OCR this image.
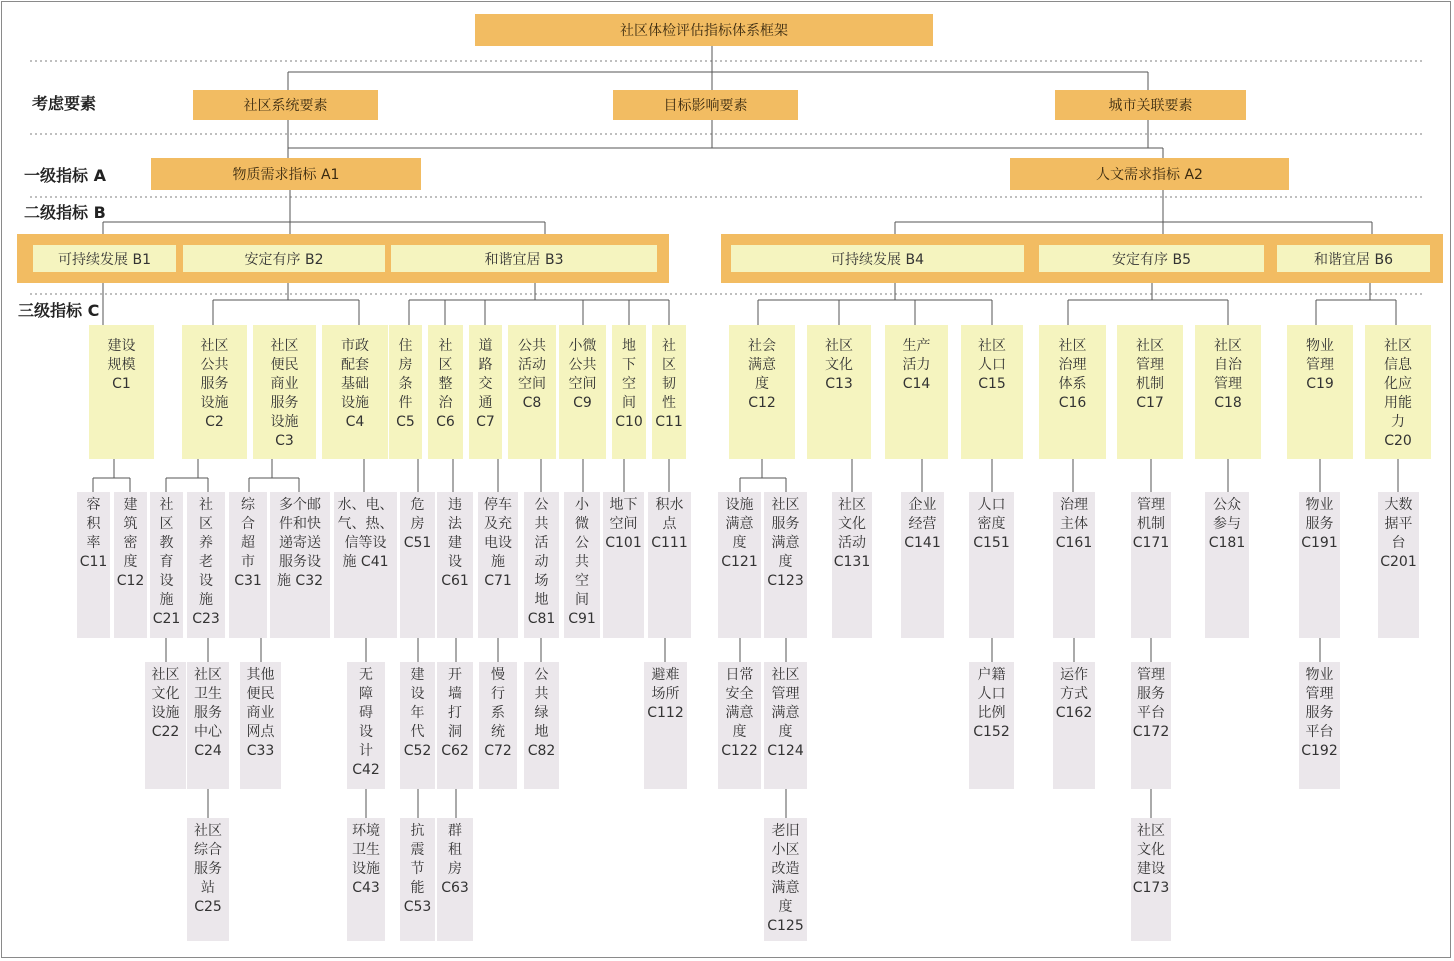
社区体检评估指标体系框架
考虑要素
一级指标 A
二级指标 B
三级指标 C
社区系统要素	目标影响要素	城市关联要素
物质需求指标 A1	人文需求指标 A2
可持续发展 B1	安定有序 B2	和谐宜居 B3	可持续发展 B4	安定有序 B5	和谐宜居 B6
建设
规模
C1
社区
公共
服务
设施
C2
社区
便民
商业
服务
设施
C3
市政
配套
基础
设施
C4
住
房
条
件
C5
社
区
整
治
C6
道
路
交
通
C7
公共
活动
空间
C8
小微
公共
空间
C9
地
下
空
间
C10
社
区
韧
性
C11
社会
满意
度
C12
社区
文化
C13
生产
活力
C14
社区
人口
C15
社区
治理
体系
C16
社区
管理
机制
C17
社区
自治
管理
C18
物业
管理
C19
社区
信息
化应
用能
力
C20
容
积
率
C11
建
筑
密
度
C12
社
区
教
育
设
施
C21
社
区
养
老
设
施
C23
综
合
超
市
C31
多个邮
件和快
递寄送
服务设
施 C32
水、电、
气、热、
信等设
施 C41
危
房
C51
违
法
建
设
C61
停车
及充
电设
施
C71
公
共
活
动
场
地
C81
小
微
公
共
空
间
C91
地下
空间
C101
积水
点
C111
设施
满意
度
C121
社区
服务
满意
度
C123
社区
文化
活动
C131
企业
经营
C141
人口
密度
C151
治理
主体
C161
管理
机制
C171
公众
参与
C181
物业
服务
C191
大数
据平
台
C201
社区
文化
设施
C22
社区
卫生
服务
中心
C24
其他
便民
商业
网点
C33
无
障
碍
设
计
C42
建
设
年
代
C52
开
墙
打
洞
C62
慢
行
系
统
C72
公
共
绿
地
C82
避难
场所
C112
日常
安全
满意
度
C122
社区
管理
满意
度
C124
户籍
人口
比例
C152
运作
方式
C162
管理
服务
平台
C172
物业
管理
服务
平台
C192
社区
综合
服务
站
C25
环境
卫生
设施
C43
抗
震
节
能
C53
群
租
房
C63
老旧
小区
改造
满意
度
C125
社区
文化
建设
C173
